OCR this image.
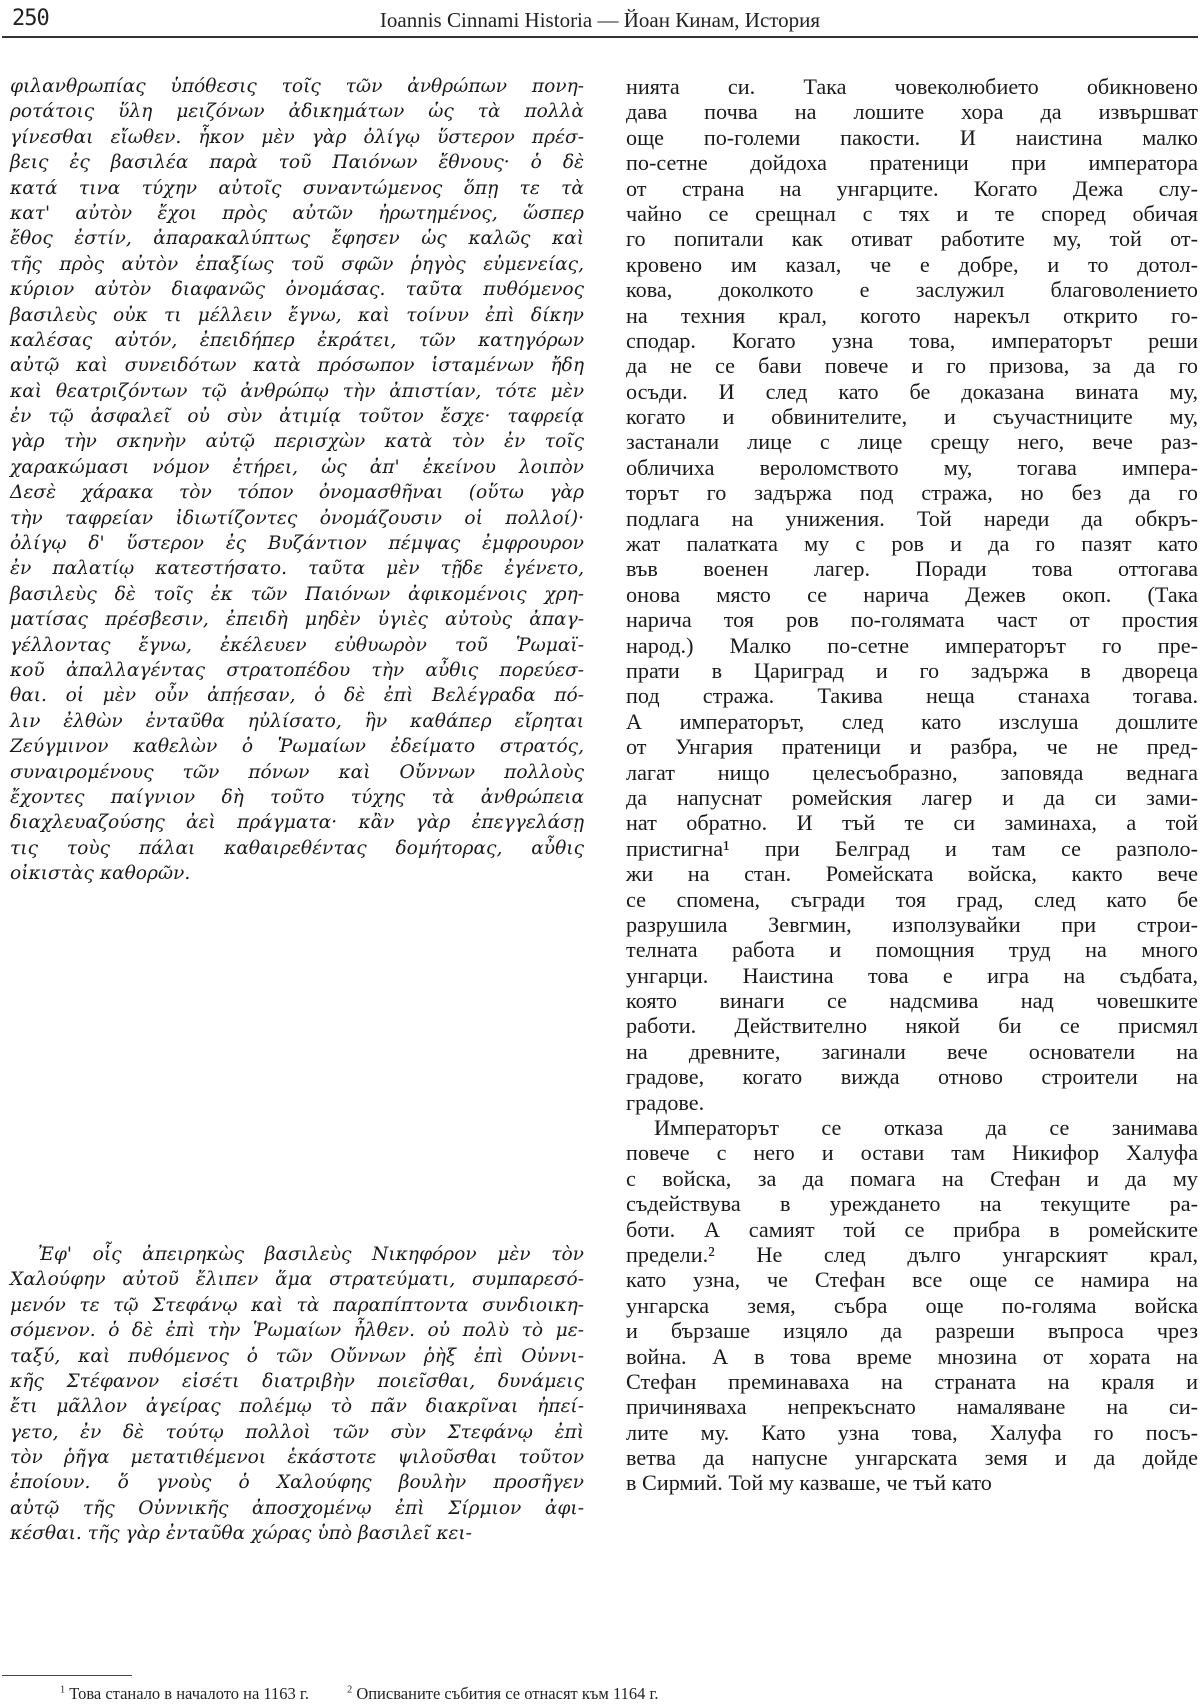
250	Ioannis Cinnami Historia — Йоан Кинам, История
φιλανθρωπίας ὑπόθεσις τοῖς τῶν ἀνθρώπων πονη-
ροτάτοις ὕλη μειζόνων ἀδικημάτων ὡς τὰ πολλὰ
γίνεσθαι εἴωθεν. ἧκον μὲν γὰρ ὀλίγῳ ὕστερον πρέσ-
βεις ἐς βασιλέα παρὰ τοῦ Παιόνων ἔθνους· ὁ δὲ
κατά τινα τύχην αὐτοῖς συναντώμενος ὅπῃ τε τὰ
κατ' αὐτὸν ἔχοι πρὸς αὐτῶν ἠρωτημένος, ὥσπερ
ἔθος ἐστίν, ἀπαρακαλύπτως ἔφησεν ὡς καλῶς καὶ
τῆς πρὸς αὐτὸν ἐπαξίως τοῦ σφῶν ῥηγὸς εὐμενείας,
κύριον αὐτὸν διαφανῶς ὀνομάσας. ταῦτα πυθόμενος
βασιλεὺς οὐκ τι μέλλειν ἔγνω, καὶ τοίνυν ἐπὶ δίκην
καλέσας αὐτόν, ἐπειδήπερ ἐκράτει, τῶν κατηγόρων
αὐτῷ καὶ συνειδότων κατὰ πρόσωπον ἱσταμένων ἤδη
καὶ θεατριζόντων τῷ ἀνθρώπῳ τὴν ἀπιστίαν, τότε μὲν
ἐν τῷ ἀσφαλεῖ οὐ σὺν ἀτιμίᾳ τοῦτον ἔσχε· ταφρείᾳ
γὰρ τὴν σκηνὴν αὐτῷ περισχὼν κατὰ τὸν ἐν τοῖς
χαρακώμασι νόμον ἐτήρει, ὡς ἀπ' ἐκείνου λοιπὸν
Δεσὲ χάρακα τὸν τόπον ὀνομασθῆναι (οὕτω γὰρ
τὴν ταφρείαν ἰδιωτίζοντες ὀνομάζουσιν οἱ πολλοί)·
ὀλίγῳ δ' ὕστερον ἐς Βυζάντιον πέμψας ἐμφρουρον
ἐν παλατίῳ κατεστήσατο. ταῦτα μὲν τῇδε ἐγένετο,
βασιλεὺς δὲ τοῖς ἐκ τῶν Παιόνων ἀφικομένοις χρη-
ματίσας πρέσβεσιν, ἐπειδὴ μηδὲν ὑγιὲς αὐτοὺς ἀπαγ-
γέλλοντας ἔγνω, ἐκέλευεν εὐθυωρὸν τοῦ Ῥωμαϊ-
κοῦ ἀπαλλαγέντας στρατοπέδου τὴν αὖθις πορεύεσ-
θαι. οἱ μὲν οὖν ἀπῄεσαν, ὁ δὲ ἐπὶ Βελέγραδα πό-
λιν ἐλθὼν ἐνταῦθα ηὐλίσατο, ἣν καθάπερ εἴρηται
Ζεύγμινον καθελὼν ὁ Ῥωμαίων ἐδείματο στρατός,
συναιρομένους τῶν πόνων καὶ Οὔννων πολλοὺς
ἔχοντες παίγνιον δὴ τοῦτο τύχης τὰ ἀνθρώπεια
διαχλευαζούσης ἀεὶ πράγματα· κἂν γὰρ ἐπεγγελάσῃ
τις τοὺς πάλαι καθαιρεθέντας δομήτορας, αὖθις
οἰκιστὰς καθορῶν.
Ἐφ' οἷς ἀπειρηκὼς βασιλεὺς Νικηφόρον μὲν τὸν
Χαλούφην αὐτοῦ ἔλιπεν ἅμα στρατεύματι, συμπαρεσό-
μενόν τε τῷ Στεφάνῳ καὶ τὰ παραπίπτοντα συνδιοικη-
σόμενον. ὁ δὲ ἐπὶ τὴν Ῥωμαίων ἦλθεν. οὐ πολὺ τὸ με-
ταξύ, καὶ πυθόμενος ὁ τῶν Οὔννων ῥὴξ ἐπὶ Οὐννι-
κῆς Στέφανον εἰσέτι διατριβὴν ποιεῖσθαι, δυνάμεις
ἔτι μᾶλλον ἀγείρας πολέμῳ τὸ πᾶν διακρῖναι ἠπεί-
γετο, ἐν δὲ τούτῳ πολλοὶ τῶν σὺν Στεφάνῳ ἐπὶ
τὸν ῥῆγα μετατιθέμενοι ἑκάστοτε ψιλοῦσθαι τοῦτον
ἐποίουν. ὅ γνοὺς ὁ Χαλούφης βουλὴν προσῆγεν
αὐτῷ τῆς Οὐννικῆς ἀποσχομένῳ ἐπὶ Σίρμιον ἀφι-
κέσθαι. τῆς γὰρ ἐνταῦθα χώρας ὑπὸ βασιλεῖ κει-
нията си. Така човеколюбието обикновено
дава почва на лошите хора да извършват
още по-големи пакости. И наистина малко
по-сетне дойдоха пратеници при императора
от страна на унгарците. Когато Дежа слу-
чайно се срещнал с тях и те според обичая
го попитали как отиват работите му, той от-
кровено им казал, че е добре, и то дотол-
кова, доколкото е заслужил благоволението
на техния крал, когото нарекъл открито го-
сподар. Когато узна това, императорът реши
да не се бави повече и го призова, за да го
осъди. И след като бе доказана вината му,
когато и обвинителите, и съучастниците му,
застанали лице с лице срещу него, вече раз-
обличиха вероломството му, тогава импера-
торът го задържа под стража, но без да го
подлага на унижения. Той нареди да обкръ-
жат палатката му с ров и да го пазят като
във военен лагер. Поради това оттогава
онова място се нарича Дежев окоп. (Така
нарича тоя ров по-голямата част от простия
народ.) Малко по-сетне императорът го пре-
прати в Цариград и го задържа в двореца
под стража. Такива неща станаха тогава.
А императорът, след като изслуша дошлите
от Унгария пратеници и разбра, че не пред-
лагат нищо целесъобразно, заповяда веднага
да напуснат ромейския лагер и да си зами-
нат обратно. И тъй те си заминаха, а той
пристигна¹ при Белград и там се разполо-
жи на стан. Ромейската войска, както вече
се спомена, съгради тоя град, след като бе
разрушила Зевгмин, използувайки при строи-
телната работа и помощния труд на много
унгарци. Наистина това е игра на съдбата,
която винаги се надсмива над човешките
работи. Действително някой би се присмял
на древните, загинали вече основатели на
градове, когато вижда отново строители на
градове.
Императорът се отказа да се занимава
повече с него и остави там Никифор Халуфа
с войска, за да помага на Стефан и да му
съдействува в уреждането на текущите ра-
боти. А самият той се прибра в ромейските
предели.² Не след дълго унгарският крал,
като узна, че Стефан все още се намира на
унгарска земя, събра още по-голяма войска
и бързаше изцяло да разреши въпроса чрез
война. А в това време мнозина от хората на
Стефан преминаваха на страната на краля и
причиняваха непрекъснато намаляване на си-
лите му. Като узна това, Халуфа го посъ-
ветва да напусне унгарската земя и да дойде
в Сирмий. Той му казваше, че тъй като
$^1$ Това станало в началото на 1163 г.	$^2$ Описваните събития се отнасят към 1164 г.
